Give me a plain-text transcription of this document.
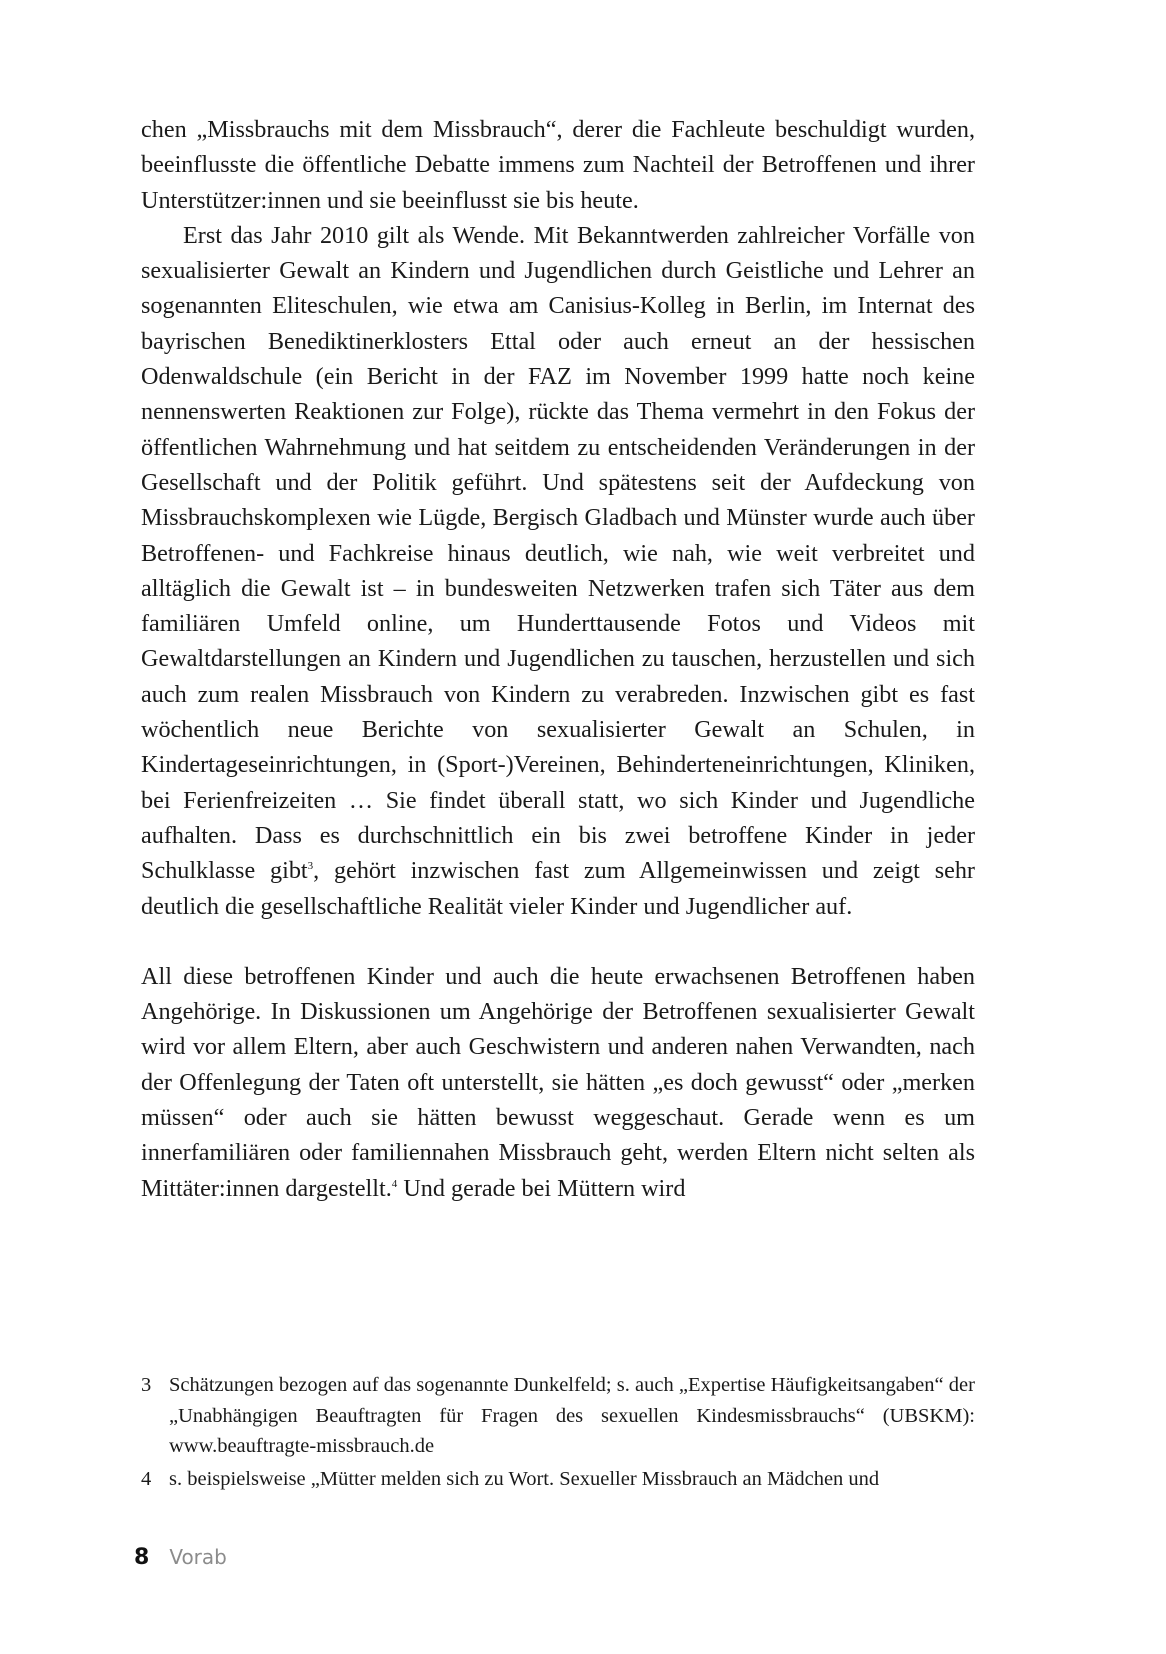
chen „Missbrauchs mit dem Missbrauch“, derer die Fachleute beschuldigt wurden, beeinflusste die öffentliche Debatte immens zum Nachteil der Betroffenen und ihrer Unterstützer:innen und sie beeinflusst sie bis heute.

Erst das Jahr 2010 gilt als Wende. Mit Bekanntwerden zahlreicher Vorfälle von sexualisierter Gewalt an Kindern und Jugendlichen durch Geistliche und Lehrer an sogenannten Eliteschulen, wie etwa am Canisius-Kolleg in Berlin, im Internat des bayrischen Benediktinerklosters Ettal oder auch erneut an der hessischen Odenwaldschule (ein Bericht in der FAZ im November 1999 hatte noch keine nennenswerten Reaktionen zur Folge), rückte das Thema vermehrt in den Fokus der öffentlichen Wahrnehmung und hat seitdem zu entscheidenden Veränderungen in der Gesellschaft und der Politik geführt. Und spätestens seit der Aufdeckung von Missbrauchskomplexen wie Lügde, Bergisch Gladbach und Münster wurde auch über Betroffenen- und Fachkreise hinaus deutlich, wie nah, wie weit verbreitet und alltäglich die Gewalt ist – in bundesweiten Netzwerken trafen sich Täter aus dem familiären Umfeld online, um Hunderttausende Fotos und Videos mit Gewaltdarstellungen an Kindern und Jugendlichen zu tauschen, herzustellen und sich auch zum realen Missbrauch von Kindern zu verabreden. Inzwischen gibt es fast wöchentlich neue Berichte von sexualisierter Gewalt an Schulen, in Kindertageseinrichtungen, in (Sport-)Vereinen, Behinderteneinrichtungen, Kliniken, bei Ferienfreizeiten … Sie findet überall statt, wo sich Kinder und Jugendliche aufhalten. Dass es durchschnittlich ein bis zwei betroffene Kinder in jeder Schulklasse gibt$^3$, gehört inzwischen fast zum Allgemeinwissen und zeigt sehr deutlich die gesellschaftliche Realität vieler Kinder und Jugendlicher auf.

All diese betroffenen Kinder und auch die heute erwachsenen Betroffenen haben Angehörige. In Diskussionen um Angehörige der Betroffenen sexualisierter Gewalt wird vor allem Eltern, aber auch Geschwistern und anderen nahen Verwandten, nach der Offenlegung der Taten oft unterstellt, sie hätten „es doch gewusst“ oder „merken müssen“ oder auch sie hätten bewusst weggeschaut. Gerade wenn es um innerfamiliären oder familiennahen Missbrauch geht, werden Eltern nicht selten als Mittäter:innen dargestellt.$^4$ Und gerade bei Müttern wird

3 Schätzungen bezogen auf das sogenannte Dunkelfeld; s. auch „Expertise Häufigkeitsangaben“ der „Unabhängigen Beauftragten für Fragen des sexuellen Kindesmissbrauchs“ (UBSKM): www.beauftragte-missbrauch.de
4 s. beispielsweise „Mütter melden sich zu Wort. Sexueller Missbrauch an Mädchen und
8 Vorab
